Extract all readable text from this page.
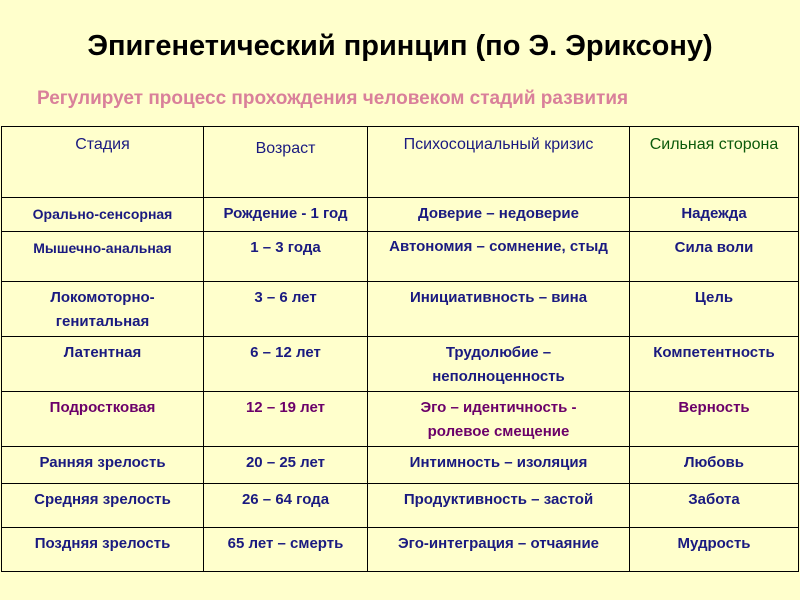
Эпигенетический принцип (по Э. Эриксону)
Регулирует процесс прохождения человеком стадий развития
Стадия	Возраст	Психосоциальный кризис	Сильная сторона
Орально-сенсорная	Рождение - 1 год	Доверие – недоверие	Надежда
Мышечно-анальная	1 – 3 года	Автономия – сомнение, стыд	Сила воли
Локомоторно-генитальная	3 – 6 лет	Инициативность – вина	Цель
Латентная	6 – 12 лет	Трудолюбие – неполноценность	Компетентность
Подростковая	12 – 19 лет	Эго – идентичность - ролевое смещение	Верность
Ранняя зрелость	20 – 25 лет	Интимность – изоляция	Любовь
Средняя зрелость	26 – 64 года	Продуктивность – застой	Забота
Поздняя зрелость	65 лет – смерть	Эго-интеграция – отчаяние	Мудрость
